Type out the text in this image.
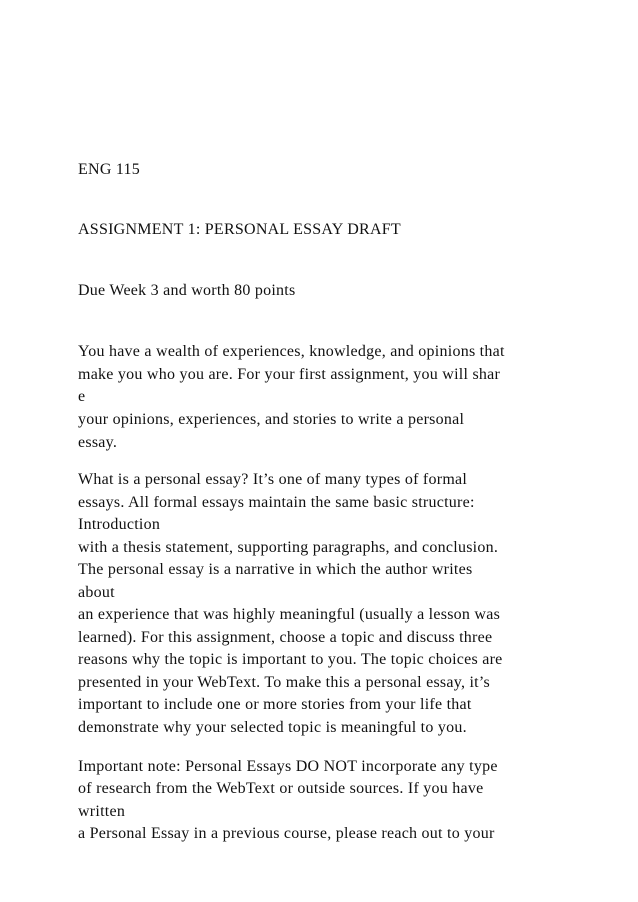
ENG 115
ASSIGNMENT 1: PERSONAL ESSAY DRAFT
Due Week 3 and worth 80 points
You have a wealth of experiences, knowledge, and opinions that
make you who you are. For your first assignment, you will shar
e
your opinions, experiences, and stories to write a personal
essay.
What is a personal essay? It’s one of many types of formal
essays. All formal essays maintain the same basic structure:
Introduction
with a thesis statement, supporting paragraphs, and conclusion.
The personal essay is a narrative in which the author writes
about
an experience that was highly meaningful (usually a lesson was
learned). For this assignment, choose a topic and discuss three
reasons why the topic is important to you. The topic choices are
presented in your WebText. To make this a personal essay, it’s
important to include one or more stories from your life that
demonstrate why your selected topic is meaningful to you.
Important note: Personal Essays DO NOT incorporate any type
of research from the WebText or outside sources. If you have
written
a Personal Essay in a previous course, please reach out to your
